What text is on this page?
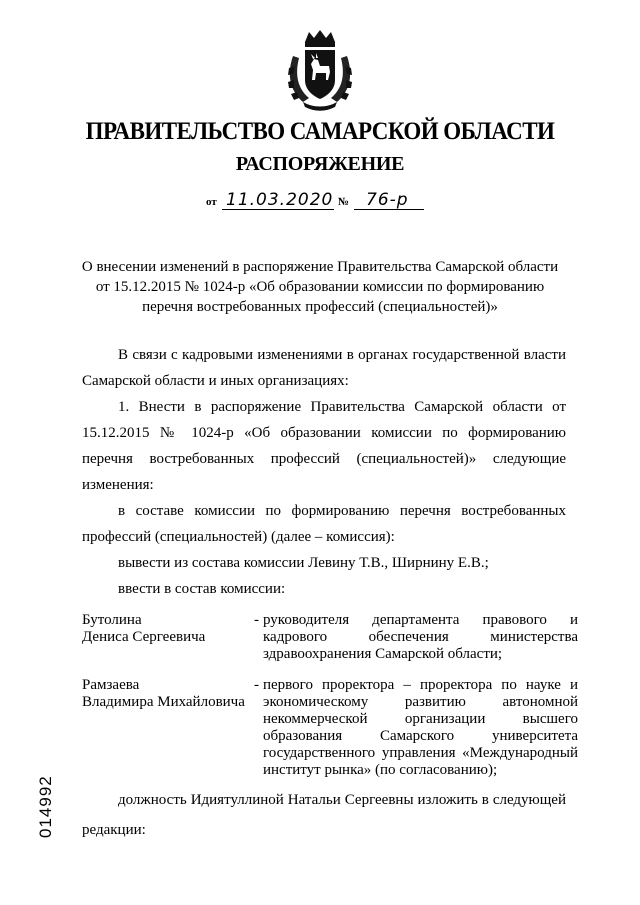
ПРАВИТЕЛЬСТВО САМАРСКОЙ ОБЛАСТИ
РАСПОРЯЖЕНИЕ
от 11.03.2020 № 76-р
О внесении изменений в распоряжение Правительства Самарской области
от 15.12.2015 № 1024-р «Об образовании комиссии по формированию
перечня востребованных профессий (специальностей)»
В связи с кадровыми изменениями в органах государственной власти Самарской области и иных организациях:
1. Внести в распоряжение Правительства Самарской области от 15.12.2015 № 1024-р «Об образовании комиссии по формированию перечня востребованных профессий (специальностей)» следующие изменения:
в составе комиссии по формированию перечня востребованных профессий (специальностей) (далее – комиссия):
вывести из состава комиссии Левину Т.В., Ширнину Е.В.;
ввести в состав комиссии:
Бутолина
Дениса Сергеевича
- руководителя департамента правового и кадрового обеспечения министерства здравоохранения Самарской области;
Рамзаева
Владимира Михайловича
- первого проректора – проректора по науке и экономическому развитию автономной некоммерческой организации высшего образования Самарского университета государственного управления «Международный институт рынка» (по согласованию);
должность Идиятуллиной Натальи Сергеевны изложить в следующей редакции:
014992
